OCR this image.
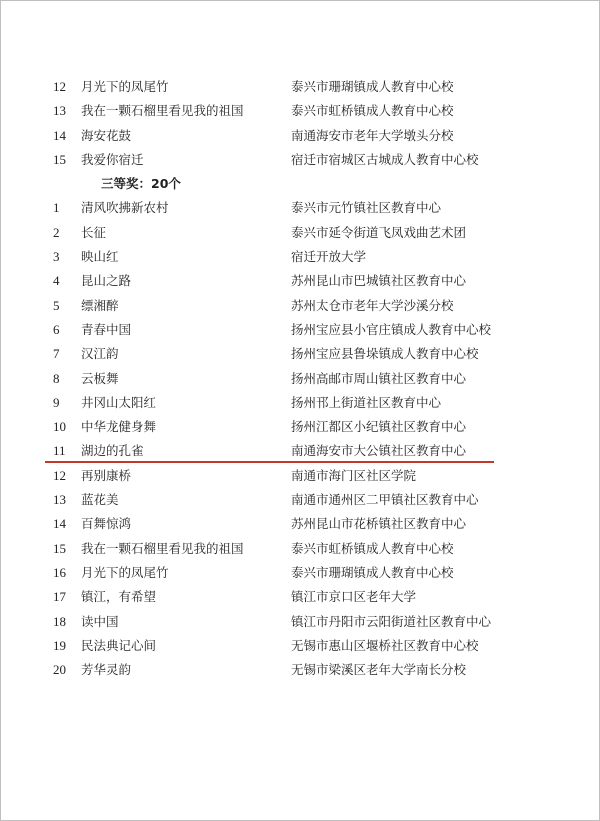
12 月光下的凤尾竹	泰兴市珊瑚镇成人教育中心校
13 我在一颗石榴里看见我的祖国	泰兴市虹桥镇成人教育中心校
14 海安花鼓	南通海安市老年大学墩头分校
15 我爱你宿迁	宿迁市宿城区古城成人教育中心校
三等奖：20个
1 清风吹拂新农村	泰兴市元竹镇社区教育中心
2 长征	泰兴市延令街道飞凤戏曲艺术团
3 映山红	宿迁开放大学
4 昆山之路	苏州昆山市巴城镇社区教育中心
5 缥湘醉	苏州太仓市老年大学沙溪分校
6 青春中国	扬州宝应县小官庄镇成人教育中心校
7 汉江韵	扬州宝应县鲁垛镇成人教育中心校
8 云板舞	扬州高邮市周山镇社区教育中心
9 井冈山太阳红	扬州邗上街道社区教育中心
10 中华龙健身舞	扬州江都区小纪镇社区教育中心
11 湖边的孔雀	南通海安市大公镇社区教育中心
12 再别康桥	南通市海门区社区学院
13 蓝花美	南通市通州区二甲镇社区教育中心
14 百舞惊鸿	苏州昆山市花桥镇社区教育中心
15 我在一颗石榴里看见我的祖国	泰兴市虹桥镇成人教育中心校
16 月光下的凤尾竹	泰兴市珊瑚镇成人教育中心校
17 镇江，有希望	镇江市京口区老年大学
18 读中国	镇江市丹阳市云阳街道社区教育中心
19 民法典记心间	无锡市惠山区堰桥社区教育中心校
20 芳华灵韵	无锡市梁溪区老年大学南长分校
